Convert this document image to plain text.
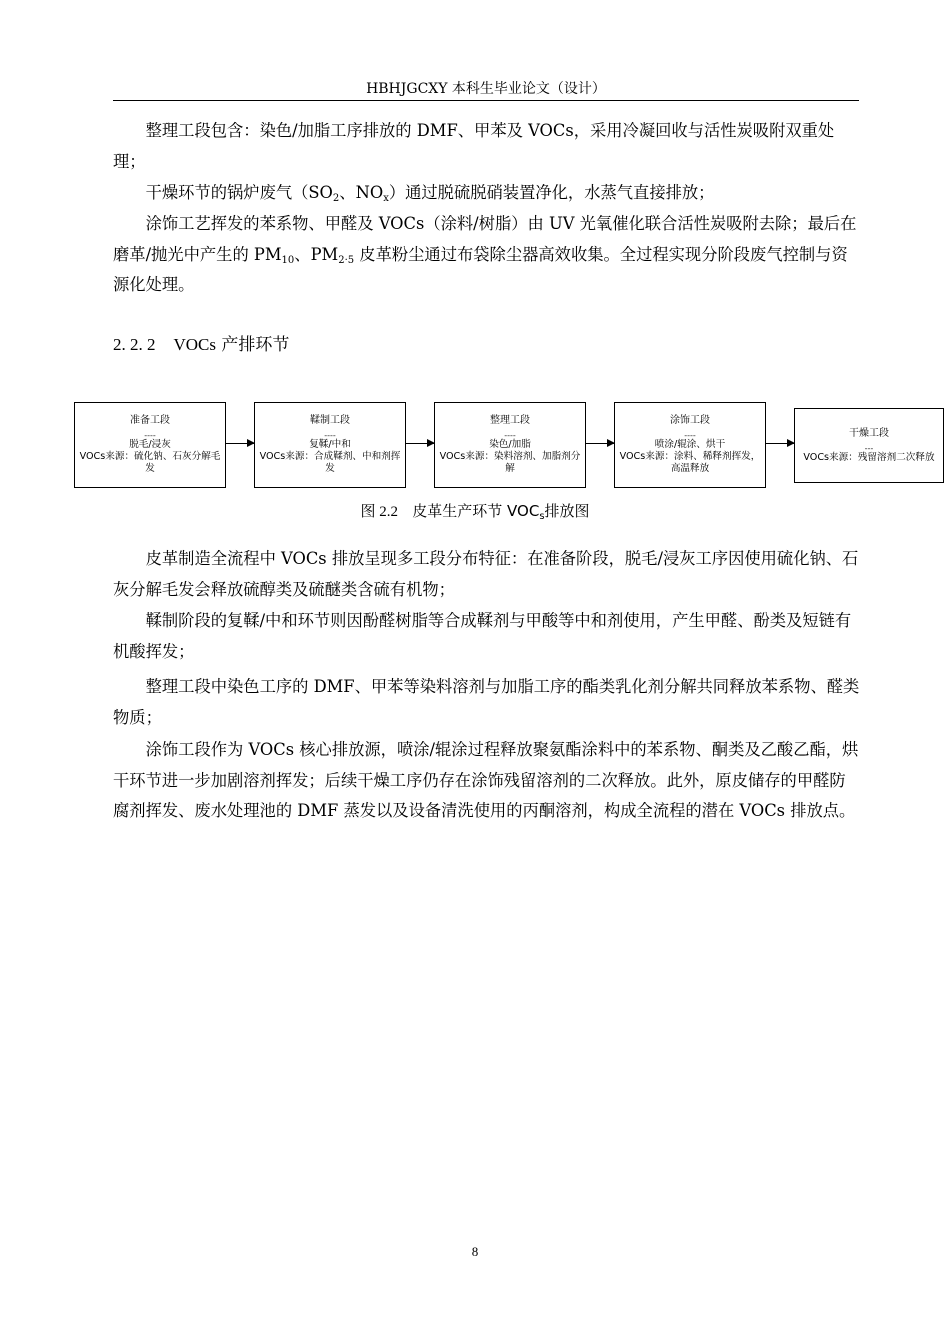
HBHJGCXY 本科生毕业论文（设计）

整理工段包含：染色/加脂工序排放的 DMF、甲苯及 VOCs，采用冷凝回收与活性炭吸附双重处理；

干燥环节的锅炉废气（$SO_2$、$NO_x$）通过脱硫脱硝装置净化，水蒸气直接排放；

涂饰工艺挥发的苯系物、甲醛及 VOCs（涂料/树脂）由 UV 光氧催化联合活性炭吸附去除；最后在磨革/抛光中产生的 $PM_{10}$、$PM_{2\cdot 5}$ 皮革粉尘通过布袋除尘器高效收集。全过程实现分阶段废气控制与资源化处理。

2. 2. 2 VOCs 产排环节
准备工段
----
脱毛/浸灰
VOCs来源：硫化钠、石灰分解毛发
鞣制工段
----
复鞣/中和
VOCs来源：合成鞣剂、中和剂挥发
整理工段
----
染色/加脂
VOCs来源：染料溶剂、加脂剂分解
涂饰工段
----
喷涂/辊涂、烘干
VOCs来源：涂料、稀释剂挥发，高温释放
干燥工段
---
VOCs来源：残留溶剂二次释放
图 2.2 皮革生产环节 $VOC_s$排放图

皮革制造全流程中 VOCs 排放呈现多工段分布特征：在准备阶段，脱毛/浸灰工序因使用硫化钠、石灰分解毛发会释放硫醇类及硫醚类含硫有机物；

鞣制阶段的复鞣/中和环节则因酚醛树脂等合成鞣剂与甲酸等中和剂使用，产生甲醛、酚类及短链有机酸挥发；

整理工段中染色工序的 DMF、甲苯等染料溶剂与加脂工序的酯类乳化剂分解共同释放苯系物、醛类物质；

涂饰工段作为 VOCs 核心排放源，喷涂/辊涂过程释放聚氨酯涂料中的苯系物、酮类及乙酸乙酯，烘干环节进一步加剧溶剂挥发；后续干燥工序仍存在涂饰残留溶剂的二次释放。此外，原皮储存的甲醛防腐剂挥发、废水处理池的 DMF 蒸发以及设备清洗使用的丙酮溶剂，构成全流程的潜在 VOCs 排放点。

8
